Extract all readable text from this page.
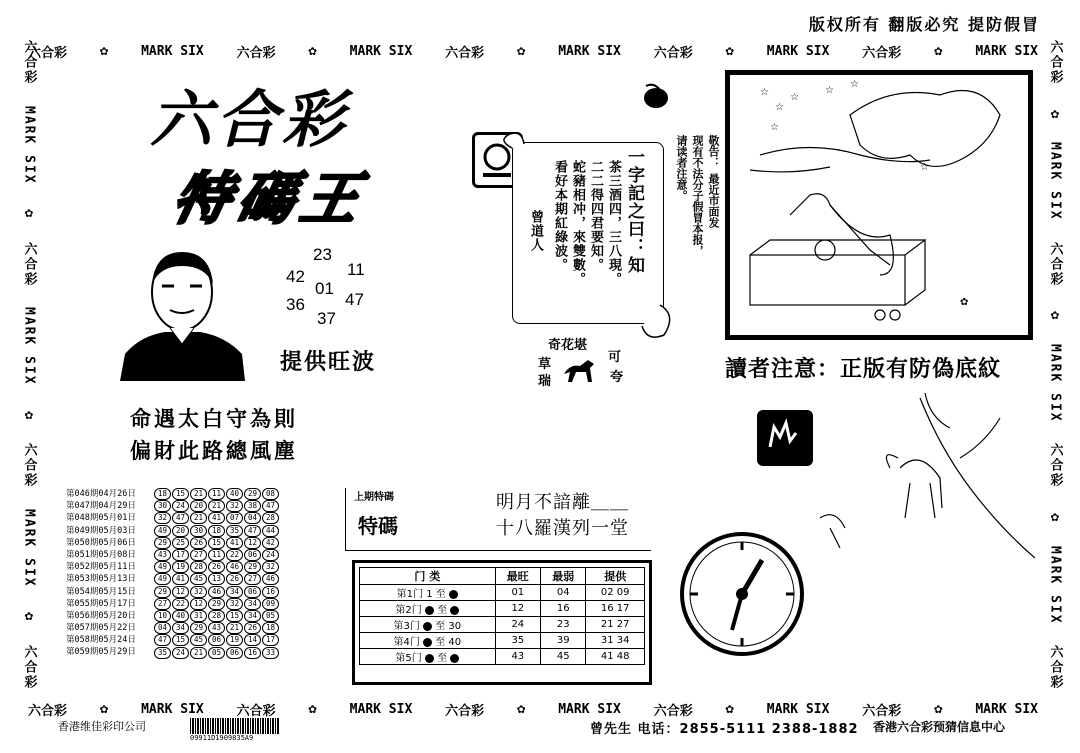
版权所有 翻版必究 提防假冒
六合彩 ✿	MARK SIX	六合彩 ✿	MARK SIX	六合彩 ✿	MARK SIX	六合彩 ✿	MARK SIX	六合彩 ✿	MARK SIX
六合彩
MARK SIX
✿
六合彩
MARK SIX
✿
六合彩
MARK SIX
✿
六合彩
六合彩
✿
MARK SIX
六合彩
✿
MARK SIX
六合彩
✿
MARK SIX
六合彩
六合彩 ✿	MARK SIX	六合彩 ✿	MARK SIX	六合彩 ✿	MARK SIX	六合彩 ✿	MARK SIX	六合彩 ✿	MARK SIX
六合彩
特碼王
23
42 11
01
36 47
37
提供旺波
命遇太白守為則
偏財此路總風塵
一字記之曰：知
茶三酒四，三八現。
二二得四君要知。
蛇豬相冲，來雙數。
看好本期紅綠波。
曾道人
敬告：
最近市面发
现有不法分子假冒本报，
请读者注意。
奇花堪
草
瑞
可
夸
☆
☆
☆
☆
☆
☆
☆
✿
讀者注意：正版有防偽底紋
第046期04月26日	18	15	21	11	40	29	08
第047期04月29日	30	24	20	21	32	38	47
第048期05月01日	32	47	21	41	07	04	28
第049期05月03日	49	20	30	18	35	47	44
第050期05月06日	29	25	26	15	41	12	42
第051期05月08日	43	17	27	11	22	06	24
第052期05月11日	49	19	28	26	46	29	32
第053期05月13日	49	41	45	13	26	27	46
第054期05月15日	29	12	32	46	34	06	16
第055期05月17日	27	22	12	29	32	34	09
第056期05月20日	10	40	31	28	15	34	05
第057期05月22日	04	34	29	43	21	26	18
第058期05月24日	47	15	45	06	19	14	17
第059期05月29日	35	24	21	05	06	16	33
上期特碼
特碼
明月不諳離＿＿
十八羅漢列一堂
门 类	最旺	最弱	提供
第1门 1 至	01	04	02 09
第2门 至	12	16	16 17
第3门 至 30	24	23	21 27
第4门 至 40	35	39	31 34
第5门 至	43	45	41 48
香港维佳彩印公司
09911D1909835A9
曾先生 电话：2855-5111 2388-1882 香港六合彩预猜信息中心
